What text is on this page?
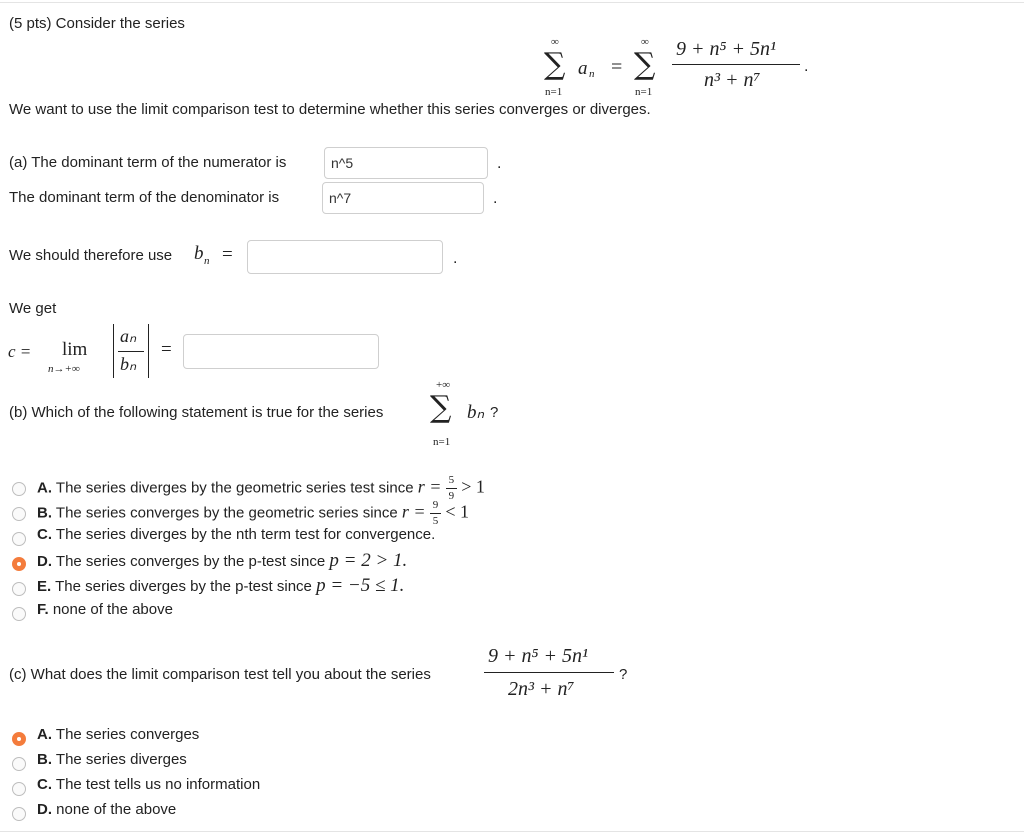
(5 pts) Consider the series
∑
∞
n=1
a n = ∑
∞
n=1
9 + n⁵ + 5n¹
n³ + n⁷
.
We want to use the limit comparison test to determine whether this series converges or diverges.
(a) The dominant term of the numerator is
n^5	.
The dominant term of the denominator is
n^7	.
We should therefore use b n =	.
We get
c = lim
n→+∞
aₙ
bₙ
=
(b) Which of the following statement is true for the series
+∞
∑
n=1
bₙ ?
A. The series diverges by the geometric series test since $r = \frac{5}{9} > 1$
B. The series converges by the geometric series since $r = \frac{9}{5} < 1$
C. The series diverges by the nth term test for convergence.
D. The series converges by the p-test since p = 2 > 1.
E. The series diverges by the p-test since p = −5 ≤ 1.
F. none of the above
(c) What does the limit comparison test tell you about the series
9 + n⁵ + 5n¹
2n³ + n⁷
?
A. The series converges
B. The series diverges
C. The test tells us no information
D. none of the above
